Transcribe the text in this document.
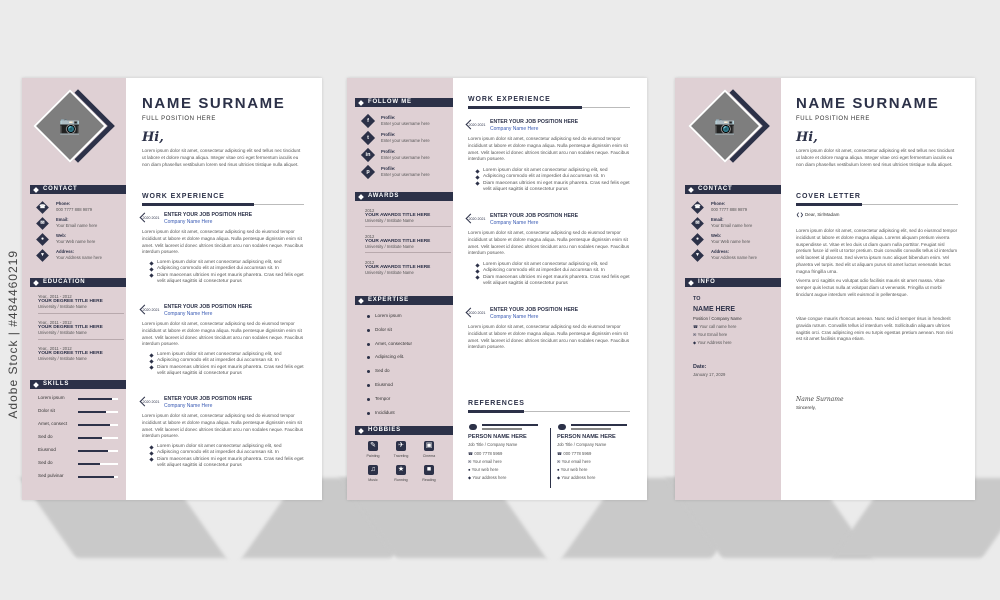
Adobe Stock | #484460219
📷
CONTACT
☎
Phone:
000 7777 888 9879
✉
Email:
Your Email name here
●
Web:
Your Web name here
▼
Address:
Your Address name here
EDUCATION
Year,, 2011 - 2012
YOUR DEGREE TITLE HERE
University / Institute Name
Year,, 2011 - 2012
YOUR DEGREE TITLE HERE
University / Institute Name
Year,, 2011 - 2012
YOUR DEGREE TITLE HERE
University / Institute Name
SKILLS
Lorem ipsum
Dolor sit
Amet, consect
Sed do
Eiusmod
Sed do
Sed pulvinar
NAME SURNAME
FULL POSITION HERE
Hi,
Lorem ipsum dolor sit amet, consectetur adipiscing elit sed tellus nec tincidunt ut labore et dolore magna aliqua. Integer vitae orci eget fermentum iaculis eu non diam phasellus vestibulum lorem sed risus ultricies tristique nulla aliquet.
WORK EXPERIENCE
2020 2021 ENTER YOUR JOB POSITION HERE
Company Name Here
Lorem ipsum dolor sit amet, consectetur adipiscing sed do eiusmod tempor incididunt ut labore et dolore magna aliqua. Nulla pentesque dignissim enim sit amet. Velit laoreet id donec ultrices tincidunt arcu non sodales neque. Faucibus interdum posuere.
Lorem ipsum dolor sit amet consectetur adipiscing elit, sed
Adipiscing commodo elit at imperdiet dui accumsan sit. In
Diam maecenas ultricies mi eget mauris pharetra. Cras sed felis eget velit aliquet sagittis id consectetur purus
2020 2021 ENTER YOUR JOB POSITION HERE
Company Name Here
Lorem ipsum dolor sit amet, consectetur adipiscing sed do eiusmod tempor incididunt ut labore et dolore magna aliqua. Nulla pentesque dignissim enim sit amet. Velit laoreet id donec ultrices tincidunt arcu non sodales neque. Faucibus interdum posuere.
Lorem ipsum dolor sit amet consectetur adipiscing elit, sed
Adipiscing commodo elit at imperdiet dui accumsan sit. In
Diam maecenas ultricies mi eget mauris pharetra. Cras sed felis eget velit aliquet sagittis id consectetur purus
2020 2021 ENTER YOUR JOB POSITION HERE
Company Name Here
Lorem ipsum dolor sit amet, consectetur adipiscing sed do eiusmod tempor incididunt ut labore et dolore magna aliqua. Nulla pentesque dignissim enim sit amet. Velit laoreet id donec ultrices tincidunt arcu non sodales neque. Faucibus interdum posuere.
Lorem ipsum dolor sit amet consectetur adipiscing elit, sed
Adipiscing commodo elit at imperdiet dui accumsan sit. In
Diam maecenas ultricies mi eget mauris pharetra. Cras sed felis eget velit aliquet sagittis id consectetur purus
FOLLOW ME
f
Profile:
Enter your username here
t
Profile:
Enter your username here
in
Profile:
Enter your username here
p
Profile:
Enter your username here
AWARDS
2012
YOUR AWARDS TITLE HERE
University / Institute Name
2012
YOUR AWARDS TITLE HERE
University / Institute Name
2012
YOUR AWARDS TITLE HERE
University / Institute Name
EXPERTISE
Lorem ipsum
Dolor sit
Amet, consectetur
Adipiscing elit.
Sed do
Eiusmod
Tempor
Incididunt
HOBBIES
✎
Painting
✈
Traveling
▣
Cinema
♫
Music
★
Running
■
Reading
WORK EXPERIENCE
2020 2021 ENTER YOUR JOB POSITION HERE
Company Name Here
Lorem ipsum dolor sit amet, consectetur adipiscing sed do eiusmod tempor incididunt ut labore et dolore magna aliqua. Nulla pentesque dignissim enim sit amet. Velit laoreet id donec ultrices tincidunt arcu non sodales neque. Faucibus interdum posuere.
Lorem ipsum dolor sit amet consectetur adipiscing elit, sed
Adipiscing commodo elit at imperdiet dui accumsan sit. In
Diam maecenas ultricies mi eget mauris pharetra. Cras sed felis eget velit aliquet sagittis id consectetur purus
2020 2021 ENTER YOUR JOB POSITION HERE
Company Name Here
Lorem ipsum dolor sit amet, consectetur adipiscing sed do eiusmod tempor incididunt ut labore et dolore magna aliqua. Nulla pentesque dignissim enim sit amet. Velit laoreet id donec ultrices tincidunt arcu non sodales neque. Faucibus interdum posuere.
Lorem ipsum dolor sit amet consectetur adipiscing elit, sed
Adipiscing commodo elit at imperdiet dui accumsan sit. In
Diam maecenas ultricies mi eget mauris pharetra. Cras sed felis eget velit aliquet sagittis id consectetur purus
2020 2021 ENTER YOUR JOB POSITION HERE
Company Name Here
Lorem ipsum dolor sit amet, consectetur adipiscing sed do eiusmod tempor incididunt ut labore et dolore magna aliqua. Nulla pentesque dignissim enim sit amet. Velit laoreet id donec ultrices tincidunt arcu non sodales neque. Faucibus interdum posuere.
REFERENCES
PERSON NAME HERE
Job Title / Company Name
☎ 000 7778 5969
✉ Your email here
● Your web here
◆ Your address here
PERSON NAME HERE
Job Title / Company Name
☎ 000 7778 5969
✉ Your email here
● Your web here
◆ Your address here
📷
CONTACT
☎
Phone:
000 7777 888 9879
✉
Email:
Your Email name here
●
Web:
Your Web name here
▼
Address:
Your Address name here
INFO
TO
NAME HERE
Position / Company Name
☎ Your call name here
✉ Your Email here
◆ Your Address here
Date:
January 17, 2029
NAME SURNAME
FULL POSITION HERE
Hi,
Lorem ipsum dolor sit amet, consectetur adipiscing elit sed tellus nec tincidunt ut labore et dolore magna aliqua. Integer vitae orci eget fermentum iaculis eu non diam phasellus vestibulum lorem sed risus ultricies tristique nulla aliquet.
COVER LETTER
❮❯ Dear, Sir/Madam
Lorem ipsum dolor sit amet, consectetur adipiscing elit, sed do eiusmod tempor incididunt ut labore et dolore magna aliqua. Lorems aliquam pretium viverra suspendisse ut. Vitae et leo duis ut diam quam nulla porttitor. Feugiat nisl pretium fusce id velit ut tortor pretium. Duis convallis convallis tellus id interdum velit laoreet id placerat. Sed viverra ipsum nunc aliquet bibendum enim. Vel pharetra vel turpis. Sed elit ut aliquam purus sit amet luctus venenatis lectus magna fringilla urna.
Viverra orci sagittis eu volutpat odio facilisis mauris sit amet massa. Vitae semper quis lectus nulla at volutpat diam ut venenatis. Fringilla ut morbi tincidunt augue interdum velit euismod in pellentesque.
Vitae congue mauris rhoncus aenean. Nunc sed id semper risus in hendrerit gravida rutrum. Convallis tellus id interdum velit. Sollicitudin aliquam ultrices sagittis orci. Cras adipiscing enim eu turpis egestas pretium aenean. Non nisi est sit amet facilisis magna etiam.
Name Surname
Sincerely,
